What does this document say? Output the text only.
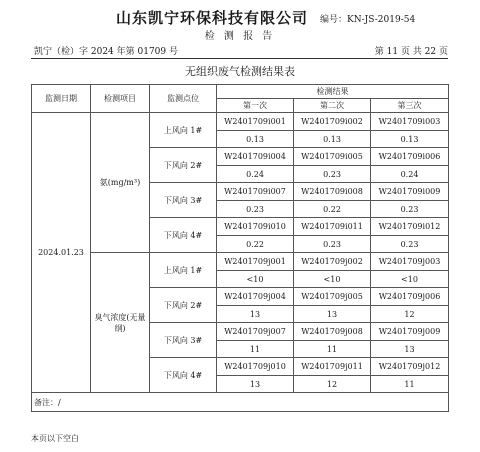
山东凯宁环保科技有限公司	编号：KN-JS-2019-54
检 测 报 告
凯宁（检）字 2024 年第 01709 号	第 11 页 共 22 页
无组织废气检测结果表
监测日期	检测项目	监测点位	检测结果		
			第一次	第二次	第三次
2024.01.23	氨(mg/m³)	上风向 1#	W2401709i001	W2401709i002	W2401709i003
			0.13	0.13	0.13
		下风向 2#	W2401709i004	W2401709i005	W2401709i006
			0.24	0.23	0.24
		下风向 3#	W2401709i007	W2401709i008	W2401709i009
			0.23	0.22	0.23
		下风向 4#	W2401709i010	W2401709i011	W2401709i012
			0.22	0.23	0.23
	臭气浓度(无量纲)	上风向 1#	W2401709j001	W2401709j002	W2401709j003
			<10	<10	<10
		下风向 2#	W2401709j004	W2401709j005	W2401709j006
			13	13	12
		下风向 3#	W2401709j007	W2401709j008	W2401709j009
			11	11	13
		下风向 4#	W2401709j010	W2401709j011	W2401709j012
			13	12	11
备注：/					
本页以下空白
